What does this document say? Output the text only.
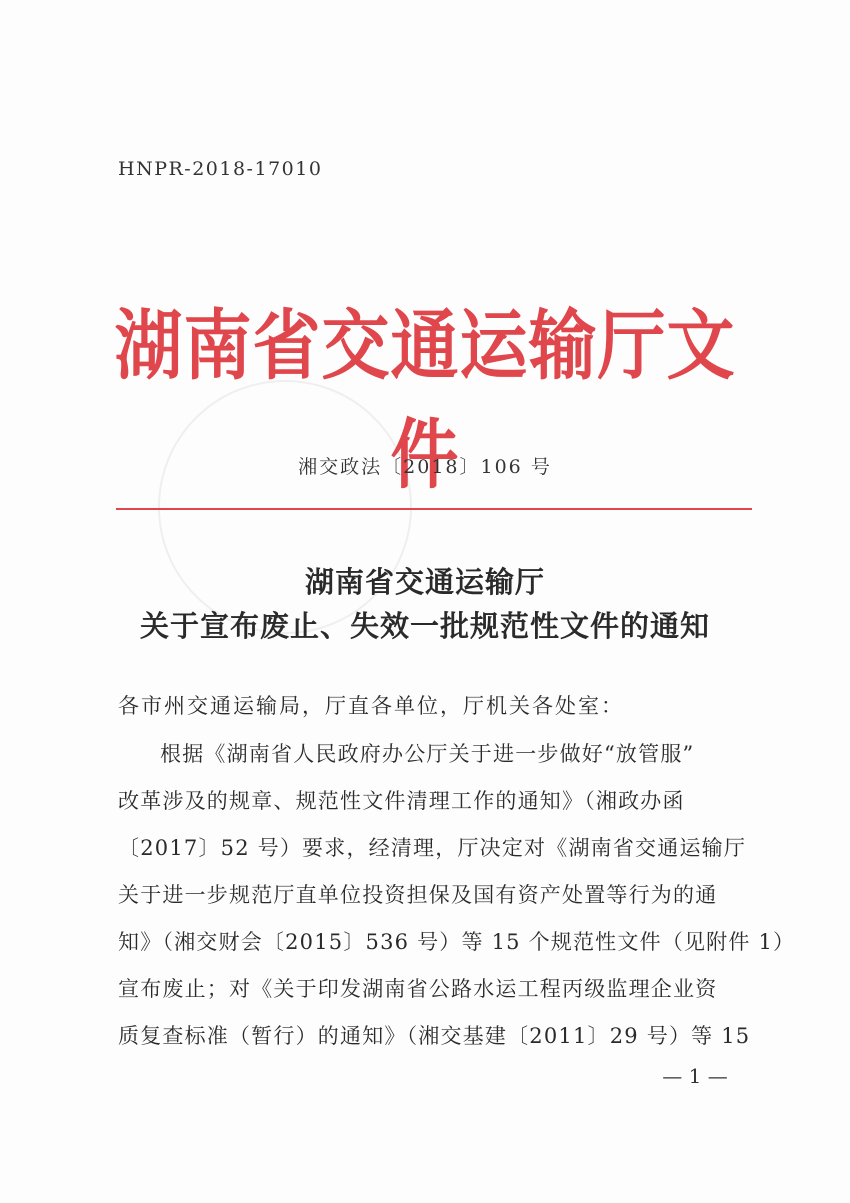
HNPR-2018-17010
湖南省交通运输厅文件
湘交政法〔2018〕106 号
湖南省交通运输厅
关于宣布废止、失效一批规范性文件的通知
各市州交通运输局，厅直各单位，厅机关各处室：
根据《湖南省人民政府办公厅关于进一步做好“放管服”
改革涉及的规章、规范性文件清理工作的通知》（湘政办函
〔2017〕52 号）要求，经清理，厅决定对《湖南省交通运输厅
关于进一步规范厅直单位投资担保及国有资产处置等行为的通
知》（湘交财会〔2015〕536 号）等 15 个规范性文件（见附件 1）
宣布废止；对《关于印发湖南省公路水运工程丙级监理企业资
质复查标准（暂行）的通知》（湘交基建〔2011〕29 号）等 15
— 1 —
